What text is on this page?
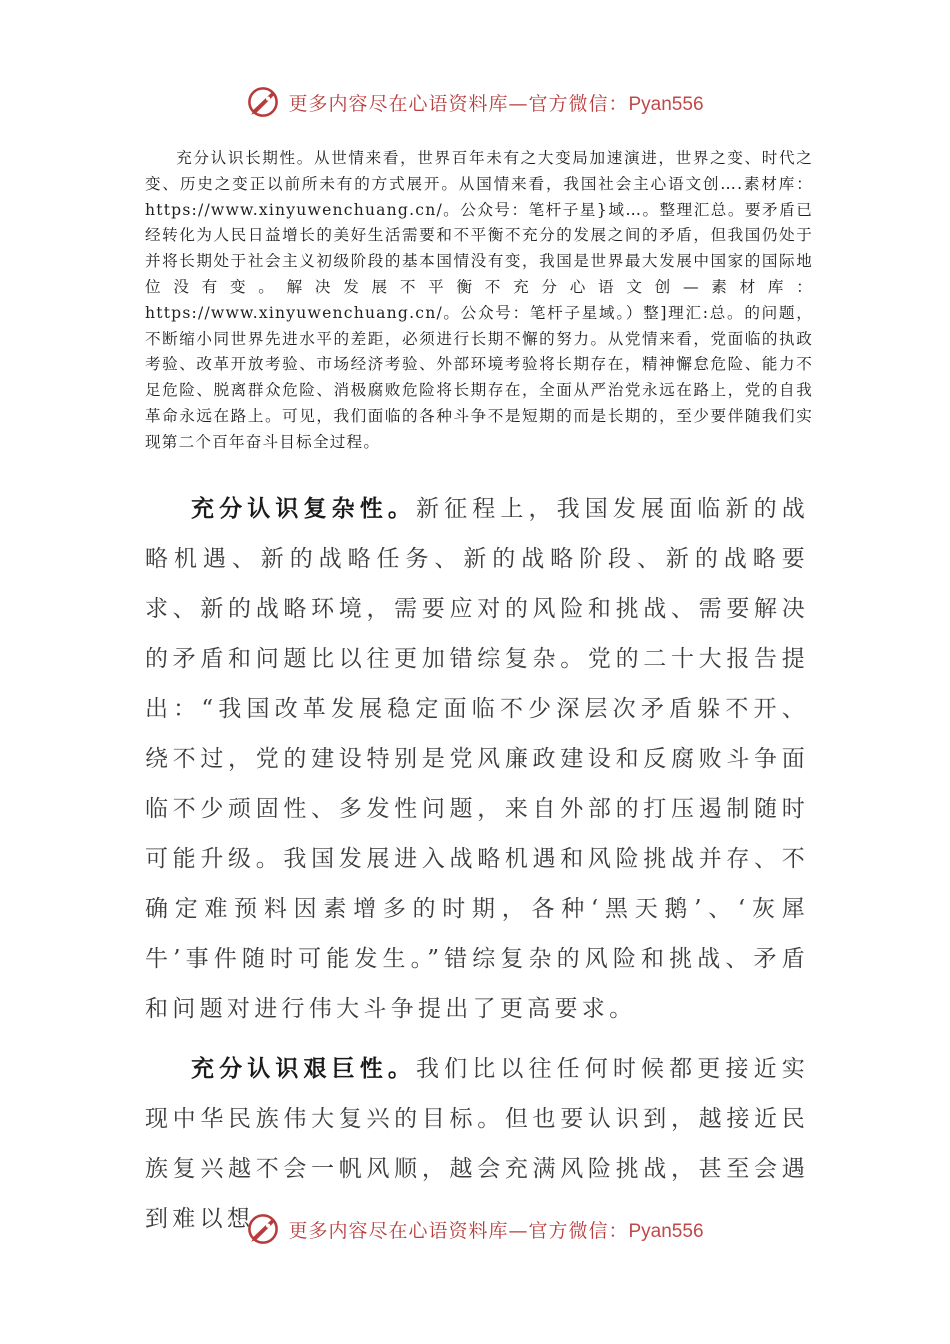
更多内容尽在心语资料库—官方微信：Pyan556

充分认识长期性。从世情来看，世界百年未有之大变局加速演进，世界之变、时代之变、历史之变正以前所未有的方式展开。从国情来看，我国社会主心语文创….素材库：https://www.xinyuwenchuang.cn/。公众号：笔杆子星}域…。整理汇总。要矛盾已经转化为人民日益增长的美好生活需要和不平衡不充分的发展之间的矛盾，但我国仍处于并将长期处于社会主义初级阶段的基本国情没有变，我国是世界最大发展中国家的国际地位没有变。解决发展不平衡不充分心语文创—素材库：https://www.xinyuwenchuang.cn/。公众号：笔杆子星域。）整]理汇:总。的问题，不断缩小同世界先进水平的差距，必须进行长期不懈的努力。从党情来看，党面临的执政考验、改革开放考验、市场经济考验、外部环境考验将长期存在，精神懈怠危险、能力不足危险、脱离群众危险、消极腐败危险将长期存在，全面从严治党永远在路上，党的自我革命永远在路上。可见，我们面临的各种斗争不是短期的而是长期的，至少要伴随我们实现第二个百年奋斗目标全过程。

充分认识复杂性。新征程上，我国发展面临新的战略机遇、新的战略任务、新的战略阶段、新的战略要求、新的战略环境，需要应对的风险和挑战、需要解决的矛盾和问题比以往更加错综复杂。党的二十大报告提出：“我国改革发展稳定面临不少深层次矛盾躲不开、绕不过，党的建设特别是党风廉政建设和反腐败斗争面临不少顽固性、多发性问题，来自外部的打压遏制随时可能升级。我国发展进入战略机遇和风险挑战并存、不确定难预料因素增多的时期，各种‘黑天鹅’、‘灰犀牛’事件随时可能发生。”错综复杂的风险和挑战、矛盾和问题对进行伟大斗争提出了更高要求。

充分认识艰巨性。我们比以往任何时候都更接近实现中华民族伟大复兴的目标。但也要认识到，越接近民族复兴越不会一帆风顺，越会充满风险挑战，甚至会遇到难以想	更多内容尽在心语资料库—官方微信：Pyan556
